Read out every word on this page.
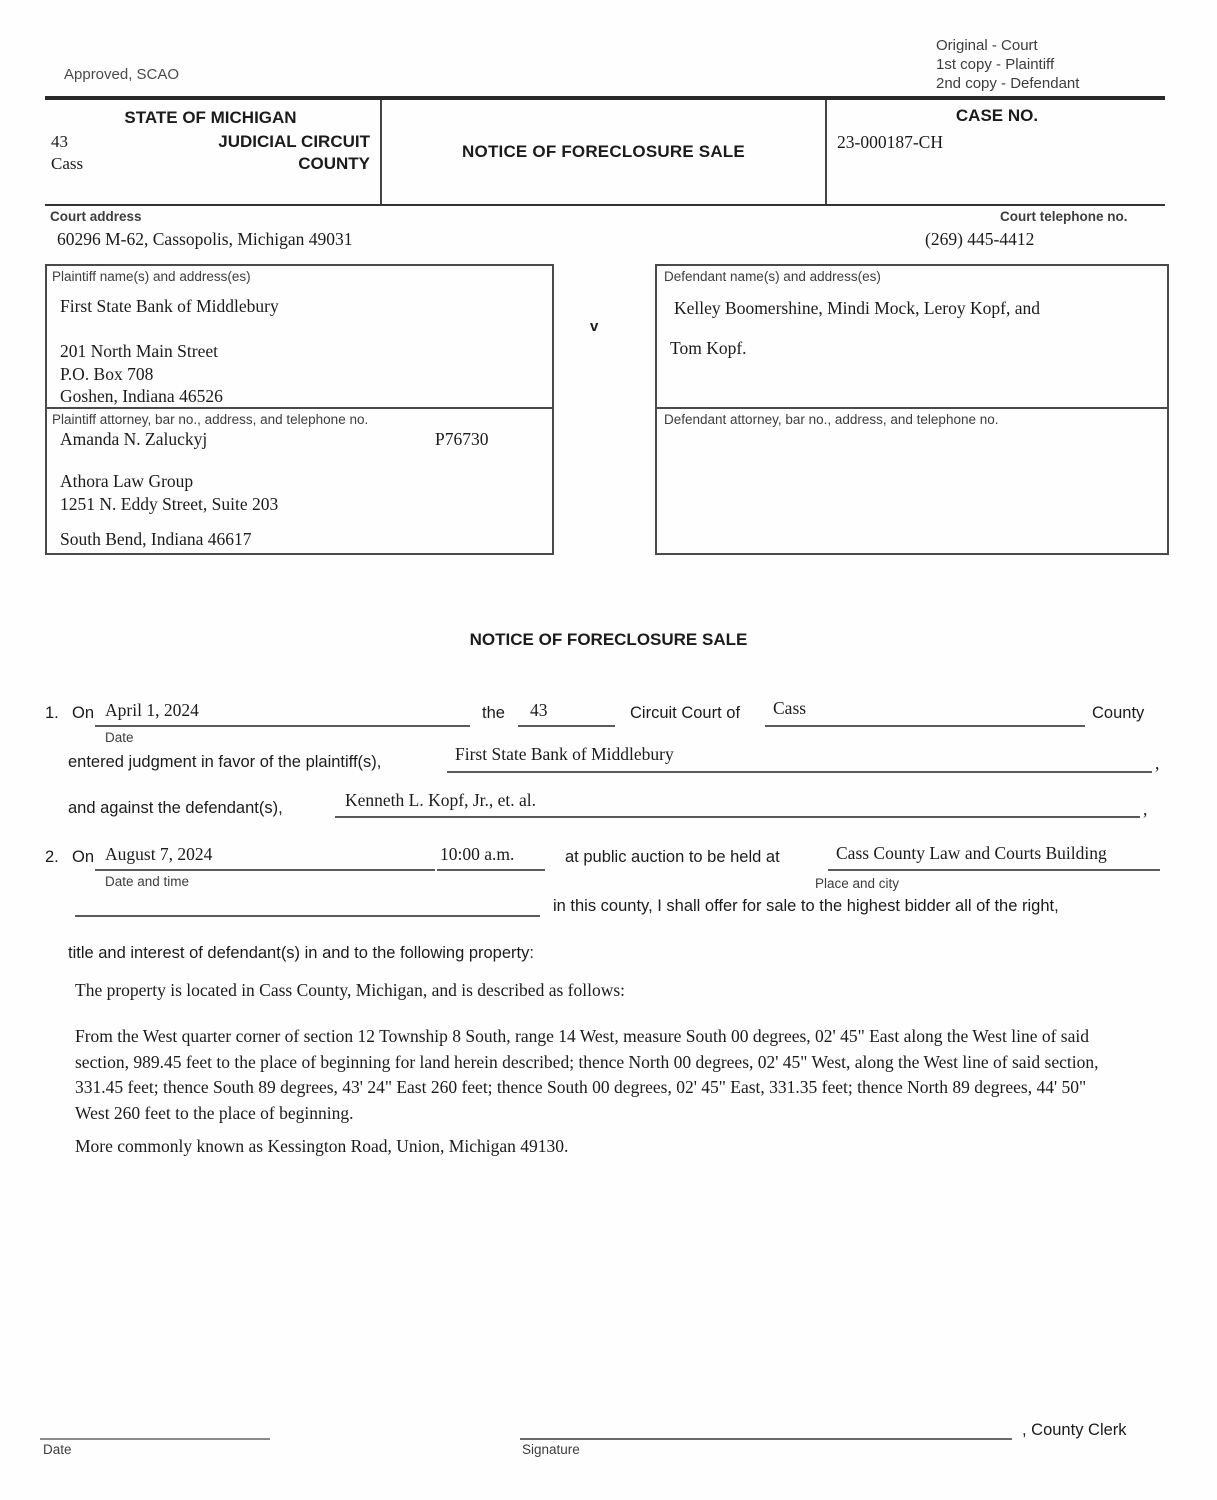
Approved, SCAO
Original - Court
1st copy - Plaintiff
2nd copy - Defendant
STATE OF MICHIGAN
43	JUDICIAL CIRCUIT
Cass	COUNTY
NOTICE OF FORECLOSURE SALE
CASE NO.
23-000187-CH
Court address	Court telephone no.
60296 M-62, Cassopolis, Michigan 49031	(269) 445-4412
Plaintiff name(s) and address(es)
First State Bank of Middlebury
201 North Main Street
P.O. Box 708
Goshen, Indiana 46526
v
Defendant name(s) and address(es)
Kelley Boomershine, Mindi Mock, Leroy Kopf, and
Tom Kopf.
Plaintiff attorney, bar no., address, and telephone no.
Amanda N. Zaluckyj	P76730
Athora Law Group
1251 N. Eddy Street, Suite 203
South Bend, Indiana 46617
Defendant attorney, bar no., address, and telephone no.
NOTICE OF FORECLOSURE SALE
1. On April 1, 2024
Date
the 43	Circuit Court of Cass	County
entered judgment in favor of the plaintiff(s),	First State Bank of Middlebury	,
and against the defendant(s),	Kenneth L. Kopf, Jr., et. al.	,
2. On August 7, 2024	10:00 a.m.
Date and time
at public auction to be held at	Cass County Law and Courts Building
Place and city
in this county, I shall offer for sale to the highest bidder all of the right,
title and interest of defendant(s) in and to the following property:
The property is located in Cass County, Michigan, and is described as follows:
From the West quarter corner of section 12 Township 8 South, range 14 West, measure South 00 degrees, 02' 45" East along the West line of said section, 989.45 feet to the place of beginning for land herein described; thence North 00 degrees, 02' 45" West, along the West line of said section, 331.45 feet; thence South 89 degrees, 43' 24" East 260 feet; thence South 00 degrees, 02' 45" East, 331.35 feet; thence North 89 degrees, 44' 50" West 260 feet to the place of beginning.
More commonly known as Kessington Road, Union, Michigan 49130.
Date	Signature
, County Clerk
